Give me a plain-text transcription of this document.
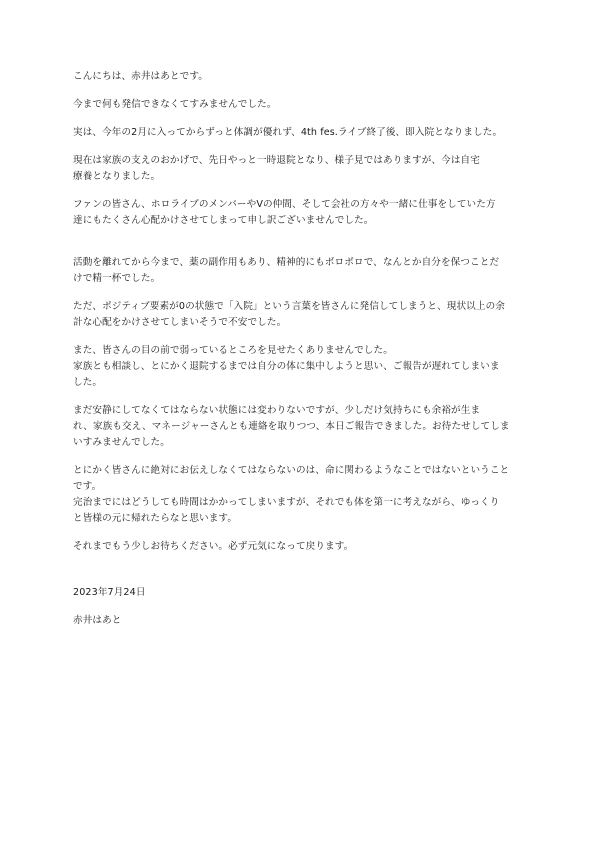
こんにちは、赤井はあとです。

今まで何も発信できなくてすみませんでした。

実は、今年の2月に入ってからずっと体調が優れず、4th fes.ライブ終了後、即入院となりました。

現在は家族の支えのおかげで、先日やっと一時退院となり、様子見ではありますが、今は自宅
療養となりました。

ファンの皆さん、ホロライブのメンバーやVの仲間、そして会社の方々や一緒に仕事をしていた方
達にもたくさん心配かけさせてしまって申し訳ございませんでした。

活動を離れてから今まで、薬の副作用もあり、精神的にもボロボロで、なんとか自分を保つことだ
けで精一杯でした。

ただ、ポジティブ要素が0の状態で「入院」という言葉を皆さんに発信してしまうと、現状以上の余
計な心配をかけさせてしまいそうで不安でした。

また、皆さんの目の前で弱っているところを見せたくありませんでした。
家族とも相談し、とにかく退院するまでは自分の体に集中しようと思い、ご報告が遅れてしまいま
した。

まだ安静にしてなくてはならない状態には変わりないですが、少しだけ気持ちにも余裕が生ま
れ、家族も交え、マネージャーさんとも連絡を取りつつ、本日ご報告できました。お待たせしてしま
いすみませんでした。

とにかく皆さんに絶対にお伝えしなくてはならないのは、命に関わるようなことではないということ
です。
完治までにはどうしても時間はかかってしまいますが、それでも体を第一に考えながら、ゆっくり
と皆様の元に帰れたらなと思います。

それまでもう少しお待ちください。必ず元気になって戻ります。

2023年7月24日

赤井はあと
